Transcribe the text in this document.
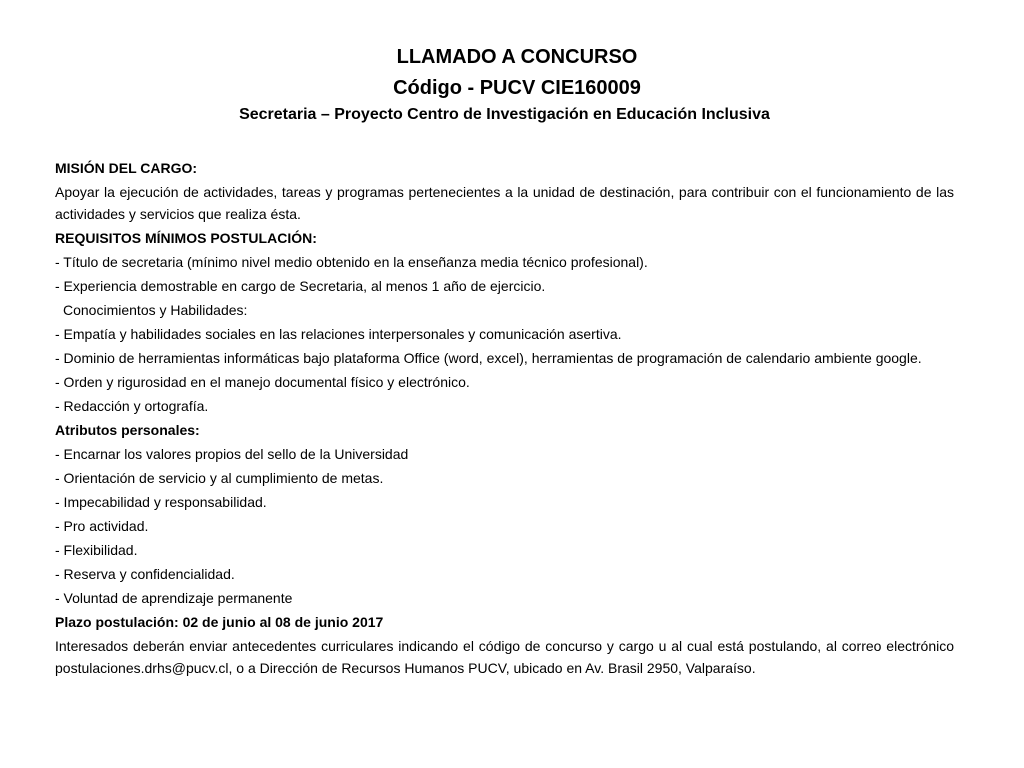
LLAMADO A CONCURSO
Código - PUCV CIE160009
Secretaria – Proyecto Centro de Investigación en Educación Inclusiva

MISIÓN DEL CARGO:

Apoyar la ejecución de actividades, tareas y programas pertenecientes a la unidad de destinación, para contribuir con el funcionamiento de las actividades y servicios que realiza ésta.

REQUISITOS MÍNIMOS POSTULACIÓN:

- Título de secretaria (mínimo nivel medio obtenido en la enseñanza media técnico profesional).

- Experiencia demostrable en cargo de Secretaria, al menos 1 año de ejercicio.

Conocimientos y Habilidades:

- Empatía y habilidades sociales en las relaciones interpersonales y comunicación asertiva.

- Dominio de herramientas informáticas bajo plataforma Office (word, excel), herramientas de programación de calendario ambiente google.

- Orden y rigurosidad en el manejo documental físico y electrónico.

- Redacción y ortografía.

Atributos personales:

- Encarnar los valores propios del sello de la Universidad

- Orientación de servicio y al cumplimiento de metas.

- Impecabilidad y responsabilidad.

- Pro actividad.

- Flexibilidad.

- Reserva y confidencialidad.

- Voluntad de aprendizaje permanente

Plazo postulación: 02 de junio al 08 de junio 2017

Interesados deberán enviar antecedentes curriculares indicando el código de concurso y cargo u al cual está postulando, al correo electrónico postulaciones.drhs@pucv.cl, o a Dirección de Recursos Humanos PUCV, ubicado en Av. Brasil 2950, Valparaíso.
